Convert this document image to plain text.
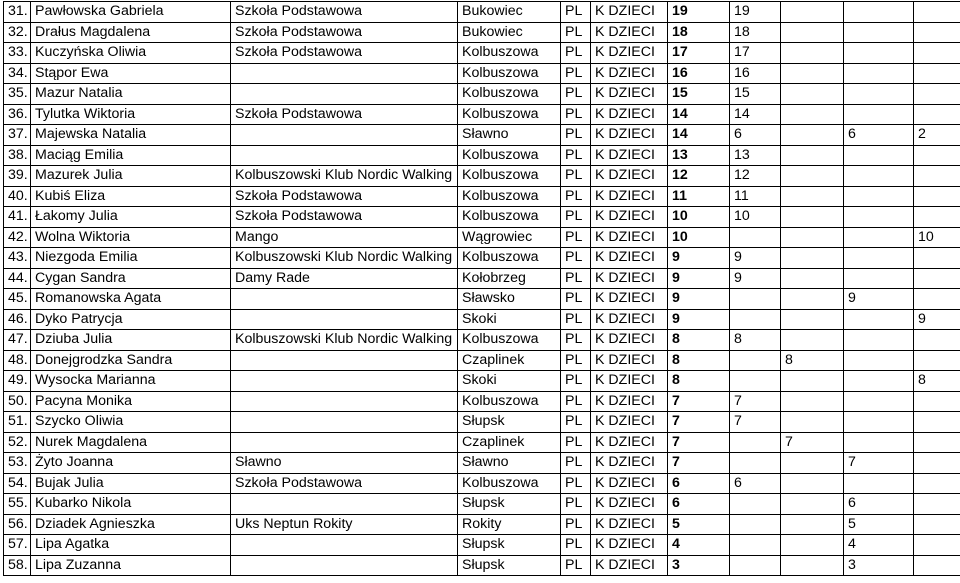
31.	Pawłowska Gabriela	Szkoła Podstawowa	Bukowiec	PL	K DZIECI	19	19			
32.	Drałus Magdalena	Szkoła Podstawowa	Bukowiec	PL	K DZIECI	18	18			
33.	Kuczyńska Oliwia	Szkoła Podstawowa	Kolbuszowa	PL	K DZIECI	17	17			
34.	Stąpor Ewa		Kolbuszowa	PL	K DZIECI	16	16			
35.	Mazur Natalia		Kolbuszowa	PL	K DZIECI	15	15			
36.	Tylutka Wiktoria	Szkoła Podstawowa	Kolbuszowa	PL	K DZIECI	14	14			
37.	Majewska Natalia		Sławno	PL	K DZIECI	14	6		6	2
38.	Maciąg Emilia		Kolbuszowa	PL	K DZIECI	13	13			
39.	Mazurek Julia	Kolbuszowski Klub Nordic Walking	Kolbuszowa	PL	K DZIECI	12	12			
40.	Kubiś Eliza	Szkoła Podstawowa	Kolbuszowa	PL	K DZIECI	11	11			
41.	Łakomy Julia	Szkoła Podstawowa	Kolbuszowa	PL	K DZIECI	10	10			
42.	Wolna Wiktoria	Mango	Wągrowiec	PL	K DZIECI	10				10
43.	Niezgoda Emilia	Kolbuszowski Klub Nordic Walking	Kolbuszowa	PL	K DZIECI	9	9			
44.	Cygan Sandra	Damy Rade	Kołobrzeg	PL	K DZIECI	9	9			
45.	Romanowska Agata		Sławsko	PL	K DZIECI	9			9	
46.	Dyko Patrycja		Skoki	PL	K DZIECI	9				9
47.	Dziuba Julia	Kolbuszowski Klub Nordic Walking	Kolbuszowa	PL	K DZIECI	8	8			
48.	Donejgrodzka Sandra		Czaplinek	PL	K DZIECI	8		8		
49.	Wysocka Marianna		Skoki	PL	K DZIECI	8				8
50.	Pacyna Monika		Kolbuszowa	PL	K DZIECI	7	7			
51.	Szycko Oliwia		Słupsk	PL	K DZIECI	7	7			
52.	Nurek Magdalena		Czaplinek	PL	K DZIECI	7		7		
53.	Żyto Joanna	Sławno	Sławno	PL	K DZIECI	7			7	
54.	Bujak Julia	Szkoła Podstawowa	Kolbuszowa	PL	K DZIECI	6	6			
55.	Kubarko Nikola		Słupsk	PL	K DZIECI	6			6	
56.	Dziadek Agnieszka	Uks Neptun Rokity	Rokity	PL	K DZIECI	5			5	
57.	Lipa Agatka		Słupsk	PL	K DZIECI	4			4	
58.	Lipa Zuzanna		Słupsk	PL	K DZIECI	3			3	
